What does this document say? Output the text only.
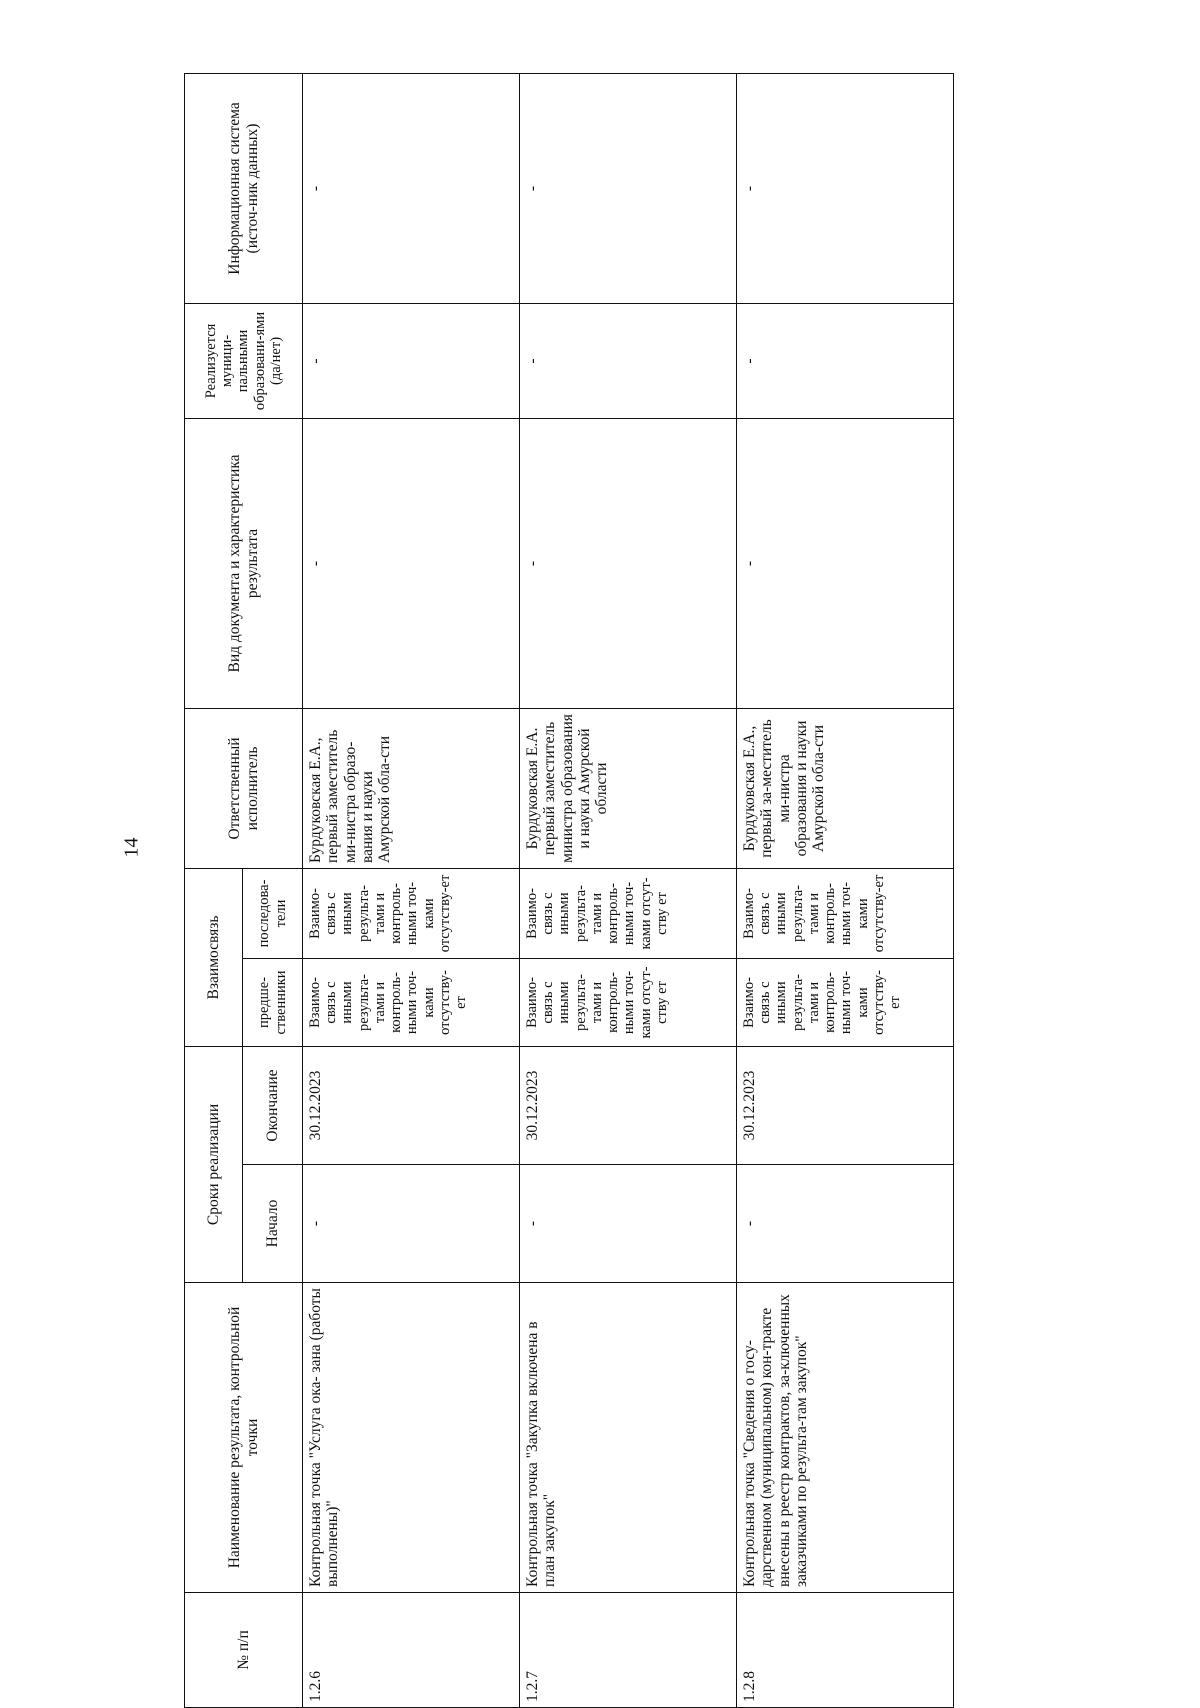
14
№ п/п	Наименование результата, контрольной точки	Сроки реализации		Взаимосвязь		Ответственный исполнитель	Вид документа и характеристика результата	Реализуется муници-пальными образовани-ями (да/нет)	Информационная система (источ-ник данных)
		Начало	Окончание	предше-ственники	последова-тели				
1.2.6	Контрольная точка "Услуга ока- зана (работы выполнены)"	-	30.12.2023	Взаимо-связь с иными результа-тами и контроль-ными точ-ками отсутству-ет	Взаимо-связь с иными результа-тами и контроль-ными точ-ками отсутству-ет	Бурдуковская Е.А., первый заместитель ми-нистра образо-вания и науки Амурской обла-сти	-	-	-
1.2.7	Контрольная точка "Закупка включена в план закупок"	-	30.12.2023	Взаимо-связь с иными результа-тами и контроль-ными точ-ками отсут-ству ет	Взаимо-связь с иными результа-тами и контроль-ными точ-ками отсут-ству ет	Бурдуковская Е.А. первый заместитель министра образования и науки Амурской области	-	-	-
1.2.8	Контрольная точка "Сведения о госу-дарственном (муниципальном) кон-тракте внесены в реестр контрактов, за-ключенных заказчиками по результа-там закупок"	-	30.12.2023	Взаимо-связь с иными результа-тами и контроль-ными точ-ками отсутству-ет	Взаимо-связь с иными результа-тами и контроль-ными точ-ками отсутству-ет	Бурдуковская Е.А., первый за-меститель ми-нистра образования и науки Амурской обла-сти	-	-	-
